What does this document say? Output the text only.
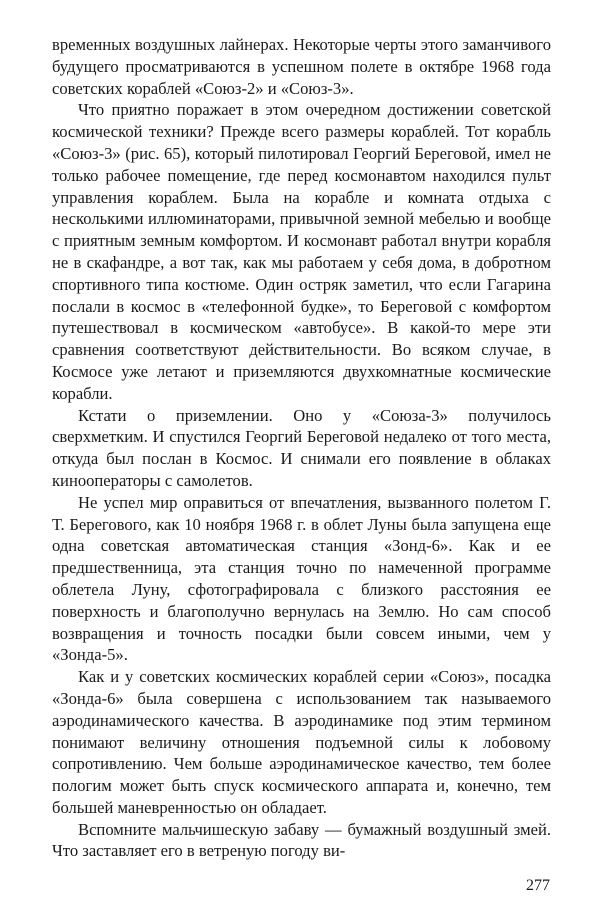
временных воздушных лайнерах. Некоторые черты этого заманчивого будущего просматриваются в успешном полете в октябре 1968 года советских кораблей «Союз-2» и «Союз-3».

Что приятно поражает в этом очередном достижении советской космической техники? Прежде всего размеры кораблей. Тот корабль «Союз-3» (рис. 65), который пилотировал Георгий Береговой, имел не только рабочее помещение, где перед космонавтом находился пульт управления кораблем. Была на корабле и комната отдыха с несколькими иллюминаторами, привычной земной мебелью и вообще с приятным земным комфортом. И космонавт работал внутри корабля не в скафандре, а вот так, как мы работаем у себя дома, в добротном спортивного типа костюме. Один остряк заметил, что если Гагарина послали в космос в «телефонной будке», то Береговой с комфортом путешествовал в космическом «автобусе». В какой-то мере эти сравнения соответствуют действительности. Во всяком случае, в Космосе уже летают и приземляются двухкомнатные космические корабли.

Кстати о приземлении. Оно у «Союза-3» получилось сверхметким. И спустился Георгий Береговой недалеко от того места, откуда был послан в Космос. И снимали его появление в облаках кинооператоры с самолетов.

Не успел мир оправиться от впечатления, вызванного полетом Г. Т. Берегового, как 10 ноября 1968 г. в облет Луны была запущена еще одна советская автоматическая станция «Зонд-6». Как и ее предшественница, эта станция точно по намеченной программе облетела Луну, сфотографировала с близкого расстояния ее поверхность и благополучно вернулась на Землю. Но сам способ возвращения и точность посадки были совсем иными, чем у «Зонда-5».

Как и у советских космических кораблей серии «Союз», посадка «Зонда-6» была совершена с использованием так называемого аэродинамического качества. В аэродинамике под этим термином понимают величину отношения подъемной силы к лобовому сопротивлению. Чем больше аэродинамическое качество, тем более пологим может быть спуск космического аппарата и, конечно, тем большей маневренностью он обладает.

Вспомните мальчишескую забаву — бумажный воздушный змей. Что заставляет его в ветреную погоду ви-

277
